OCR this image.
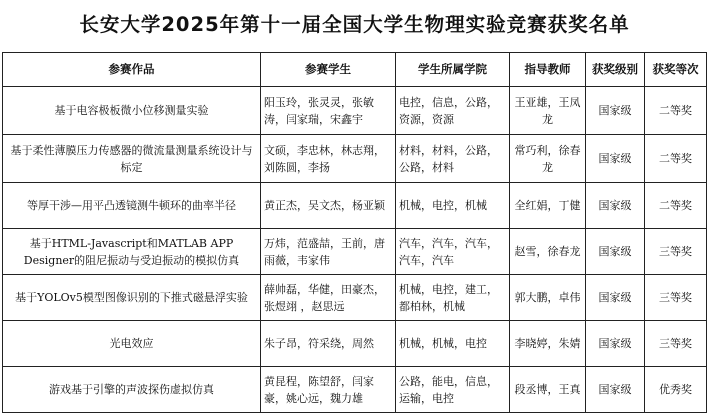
长安大学2025年第十一届全国大学生物理实验竞赛获奖名单
参赛作品	参赛学生	学生所属学院	指导教师	获奖级别	获奖等次
基于电容极板微小位移测量实验	阳玉玲，张灵灵，张敏涛，闫家瑞，宋鑫宇	电控，信息，公路，资源，资源	王亚雄，王凤龙	国家级	二等奖
基于柔性薄膜压力传感器的微流量测量系统设计与标定	文硕，李忠林，林志翔，刘陈圆，李扬	材料，材料，公路，公路，材料	常巧利，徐春龙	国家级	二等奖
等厚干涉—用平凸透镜测牛顿环的曲率半径	黄正杰，吴文杰，杨亚颖	机械，电控，机械	全红娟，丁健	国家级	二等奖
基于HTML-Javascript和MATLAB APP Designer的阻尼振动与受迫振动的模拟仿真	万炜，范盛喆，王前，唐雨薇，韦家伟	汽车，汽车，汽车，汽车，汽车	赵雪，徐春龙	国家级	三等奖
基于YOLOv5模型图像识别的下推式磁悬浮实验	薛帅磊，华健，田豪杰，张煜翊 ，赵思远	机械，电控，建工，都柏林，机械	郭大鹏，卓伟	国家级	三等奖
光电效应	朱子昂，符采绕，周然	机械，机械，电控	李晓婷，朱婧	国家级	三等奖
游戏基于引擎的声波探伤虚拟仿真	黄昆程，陈望舒，闫家豪，姚心远，魏力雄	公路，能电，信息，运输，电控	段丞博，王真	国家级	优秀奖
